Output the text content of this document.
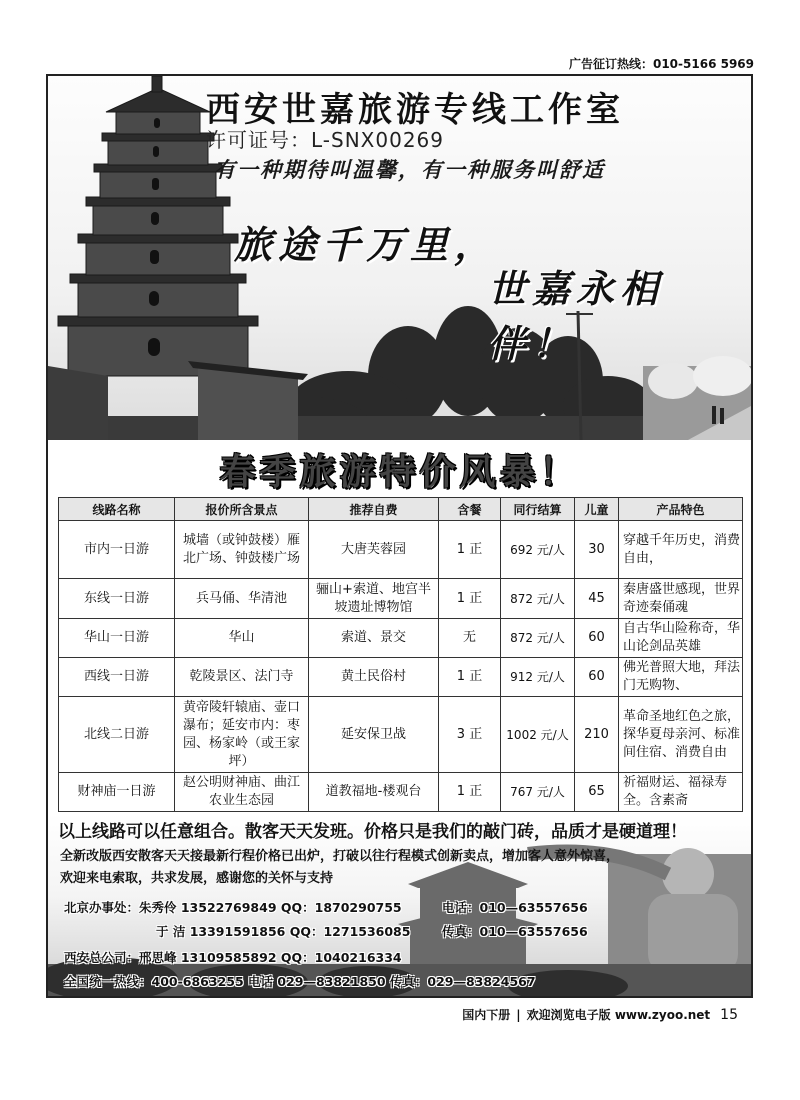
广告征订热线：010-5166 5969
西安世嘉旅游专线工作室
许可证号：L-SNX00269
有一种期待叫温馨，有一种服务叫舒适
旅途千万里，
世嘉永相伴！
春季旅游特价风暴！
线路名称	报价所含景点	推荐自费	含餐	同行结算	儿童	产品特色
市内一日游	城墙（或钟鼓楼）雁北广场、钟鼓楼广场	大唐芙蓉园	1 正	692 元/人	30	穿越千年历史，消费自由，
东线一日游	兵马俑、华清池	骊山+索道、地宫半坡遗址博物馆	1 正	872 元/人	45	秦唐盛世感现，世界奇迹秦俑魂
华山一日游	华山	索道、景交	无	872 元/人	60	自古华山险称奇，华山论剑品英雄
西线一日游	乾陵景区、法门寺	黄土民俗村	1 正	912 元/人	60	佛光普照大地，拜法门无购物、
北线二日游	黄帝陵轩辕庙、壶口瀑布；延安市内：枣园、杨家岭（或王家坪）	延安保卫战	3 正	1002 元/人	210	革命圣地红色之旅，探华夏母亲河、标准间住宿、消费自由
财神庙一日游	赵公明财神庙、曲江农业生态园	道教福地-楼观台	1 正	767 元/人	65	祈福财运、福禄寿全。含素斋
以上线路可以任意组合。散客天天发班。价格只是我们的敲门砖，品质才是硬道理！
全新改版西安散客天天接最新行程价格已出炉，打破以往行程模式创新卖点，增加客人意外惊喜，
欢迎来电索取，共求发展，感谢您的关怀与支持
北京办事处：朱秀伶 13522769849 QQ：1870290755	电话：010—63557656
于 洁 13391591856 QQ：1271536085	传真：010—63557656
西安总公司：邢思峰 13109585892 QQ：1040216334
全国统一热线：400-6863255 电话 029—83821850 传真：029—83824567
国内下册 | 欢迎浏览电子版 www.zyoo.net 15
